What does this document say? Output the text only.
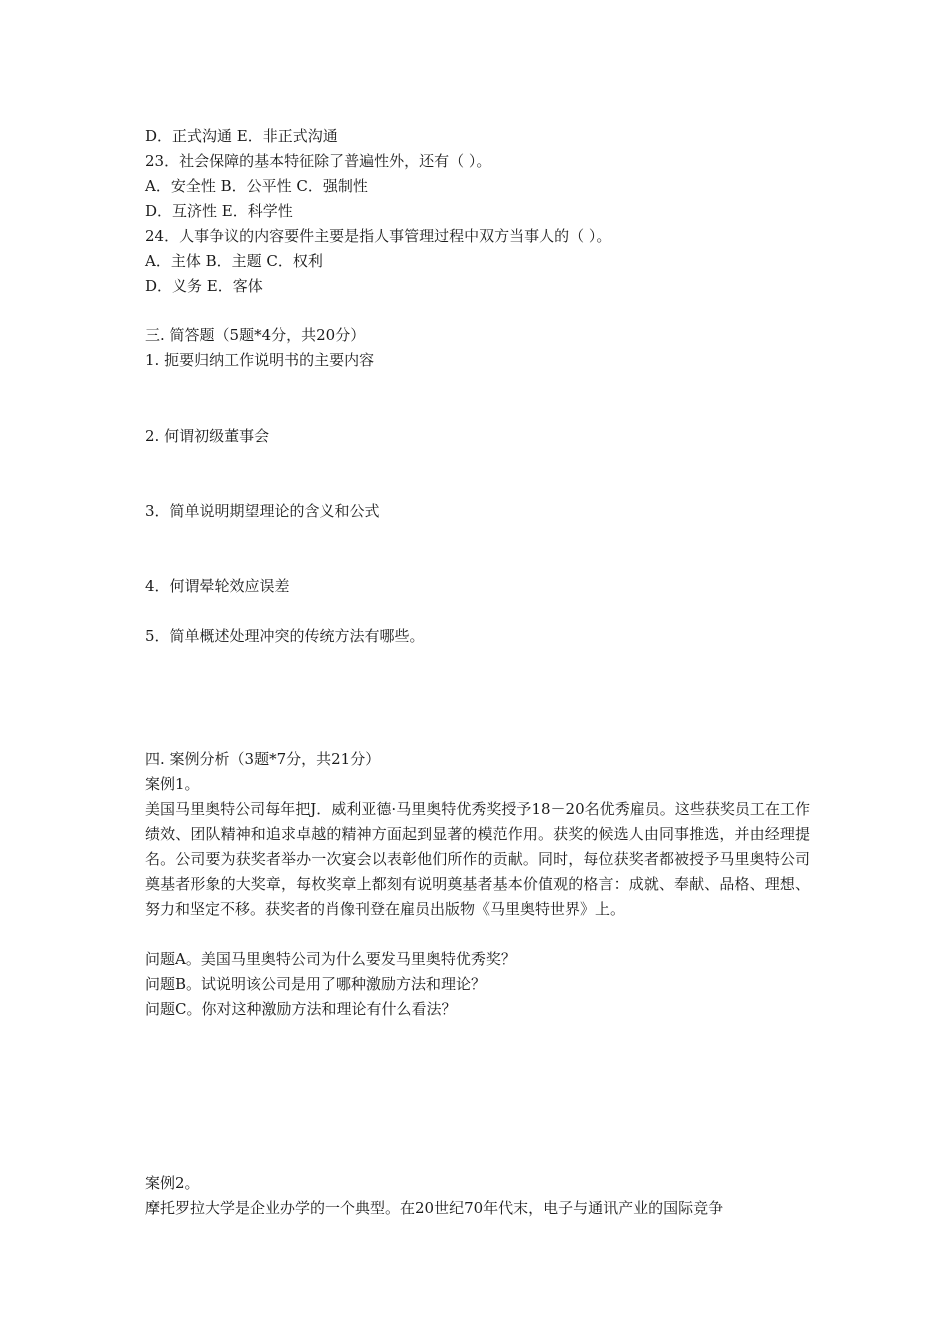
D．正式沟通 E．非正式沟通
23．社会保障的基本特征除了普遍性外，还有（ ）。
A．安全性 B．公平性 C．强制性
D．互济性 E．科学性
24．人事争议的内容要件主要是指人事管理过程中双方当事人的（ ）。
A．主体 B．主题 C．权利
D．义务 E．客体
三. 简答题（5题*4分，共20分）
1. 扼要归纳工作说明书的主要内容
2. 何谓初级董事会
3．简单说明期望理论的含义和公式
4．何谓晕轮效应误差
5．简单概述处理冲突的传统方法有哪些。
四. 案例分析（3题*7分，共21分）
案例1。
美国马里奥特公司每年把J．威利亚德·马里奥特优秀奖授予18－20名优秀雇员。这些获奖员工在工作绩效、团队精神和追求卓越的精神方面起到显著的模范作用。获奖的候选人由同事推选，并由经理提名。公司要为获奖者举办一次宴会以表彰他们所作的贡献。同时，每位获奖者都被授予马里奥特公司奠基者形象的大奖章，每枚奖章上都刻有说明奠基者基本价值观的格言：成就、奉献、品格、理想、努力和坚定不移。获奖者的肖像刊登在雇员出版物《马里奥特世界》上。
问题A。美国马里奥特公司为什么要发马里奥特优秀奖？
问题B。试说明该公司是用了哪种激励方法和理论？
问题C。你对这种激励方法和理论有什么看法？
案例2。
摩托罗拉大学是企业办学的一个典型。在20世纪70年代末，电子与通讯产业的国际竞争
